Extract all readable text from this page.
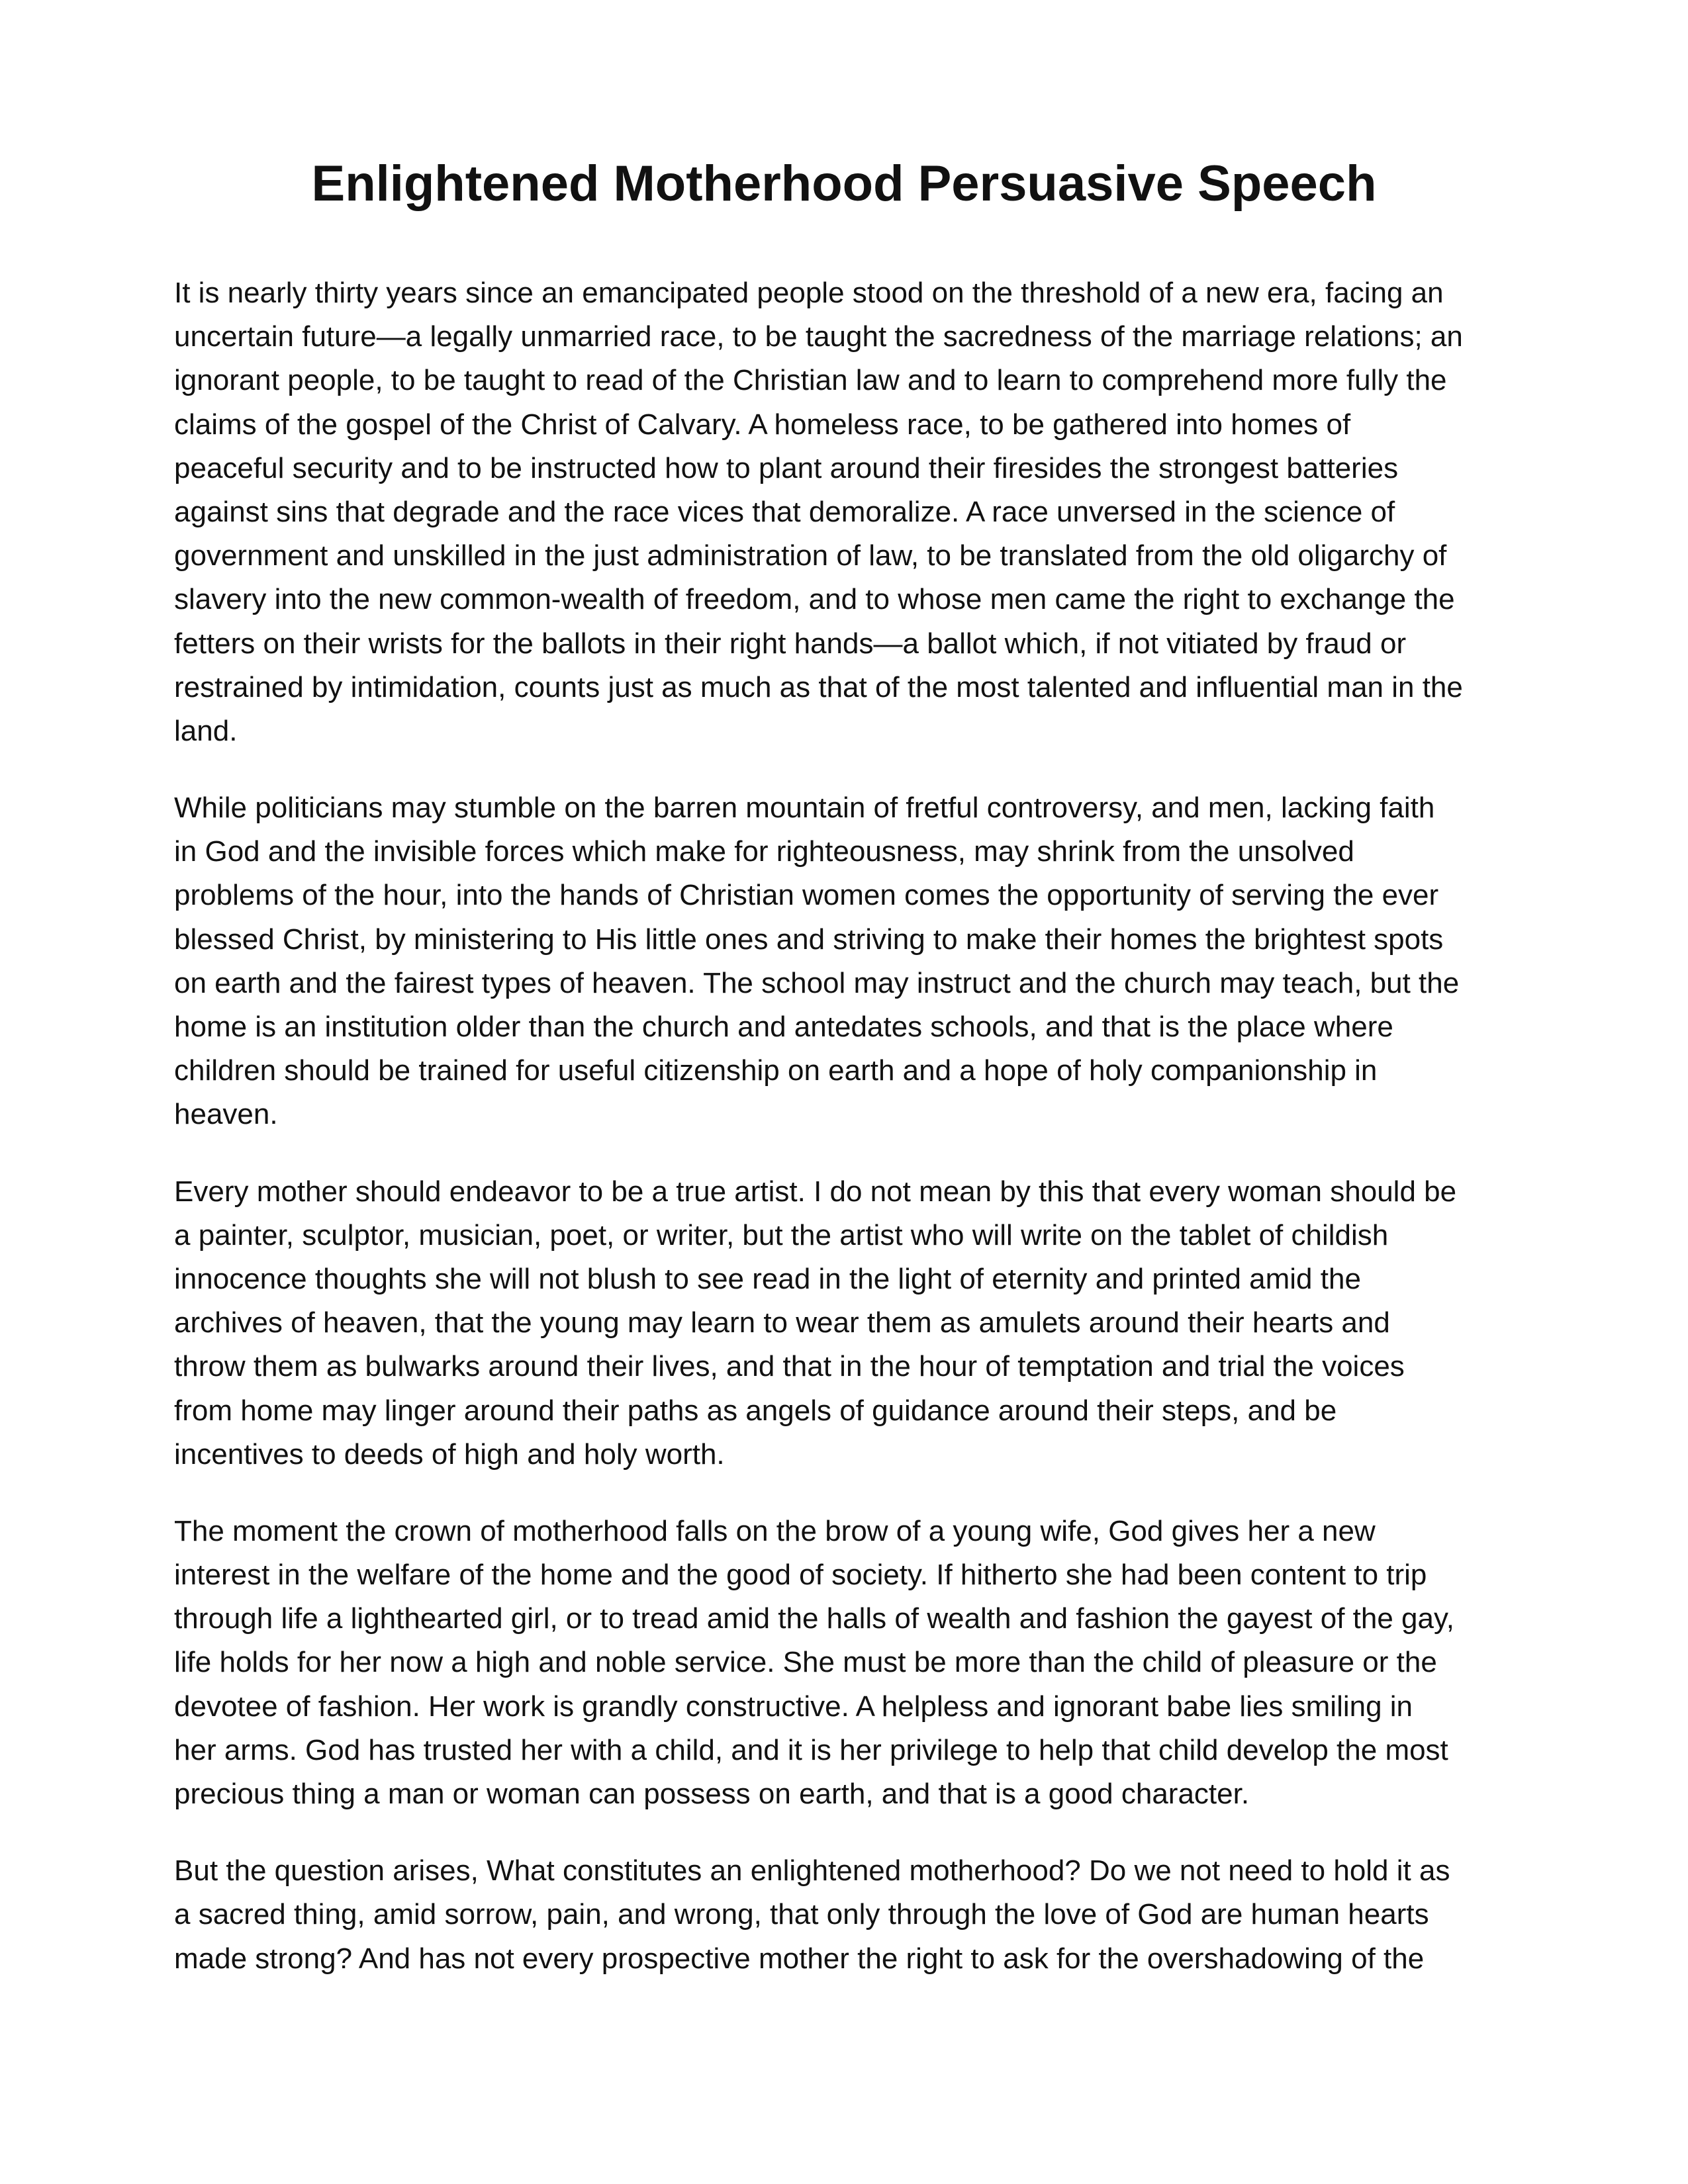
Enlightened Motherhood Persuasive Speech

It is nearly thirty years since an emancipated people stood on the threshold of a new era, facing an
uncertain future—a legally unmarried race, to be taught the sacredness of the marriage relations; an
ignorant people, to be taught to read of the Christian law and to learn to comprehend more fully the
claims of the gospel of the Christ of Calvary. A homeless race, to be gathered into homes of
peaceful security and to be instructed how to plant around their firesides the strongest batteries
against sins that degrade and the race vices that demoralize. A race unversed in the science of
government and unskilled in the just administration of law, to be translated from the old oligarchy of
slavery into the new common-wealth of freedom, and to whose men came the right to exchange the
fetters on their wrists for the ballots in their right hands—a ballot which, if not vitiated by fraud or
restrained by intimidation, counts just as much as that of the most talented and influential man in the
land.

While politicians may stumble on the barren mountain of fretful controversy, and men, lacking faith
in God and the invisible forces which make for righteousness, may shrink from the unsolved
problems of the hour, into the hands of Christian women comes the opportunity of serving the ever
blessed Christ, by ministering to His little ones and striving to make their homes the brightest spots
on earth and the fairest types of heaven. The school may instruct and the church may teach, but the
home is an institution older than the church and antedates schools, and that is the place where
children should be trained for useful citizenship on earth and a hope of holy companionship in
heaven.

Every mother should endeavor to be a true artist. I do not mean by this that every woman should be
a painter, sculptor, musician, poet, or writer, but the artist who will write on the tablet of childish
innocence thoughts she will not blush to see read in the light of eternity and printed amid the
archives of heaven, that the young may learn to wear them as amulets around their hearts and
throw them as bulwarks around their lives, and that in the hour of temptation and trial the voices
from home may linger around their paths as angels of guidance around their steps, and be
incentives to deeds of high and holy worth.

The moment the crown of motherhood falls on the brow of a young wife, God gives her a new
interest in the welfare of the home and the good of society. If hitherto she had been content to trip
through life a lighthearted girl, or to tread amid the halls of wealth and fashion the gayest of the gay,
life holds for her now a high and noble service. She must be more than the child of pleasure or the
devotee of fashion. Her work is grandly constructive. A helpless and ignorant babe lies smiling in
her arms. God has trusted her with a child, and it is her privilege to help that child develop the most
precious thing a man or woman can possess on earth, and that is a good character.

But the question arises, What constitutes an enlightened motherhood? Do we not need to hold it as
a sacred thing, amid sorrow, pain, and wrong, that only through the love of God are human hearts
made strong? And has not every prospective mother the right to ask for the overshadowing of the
